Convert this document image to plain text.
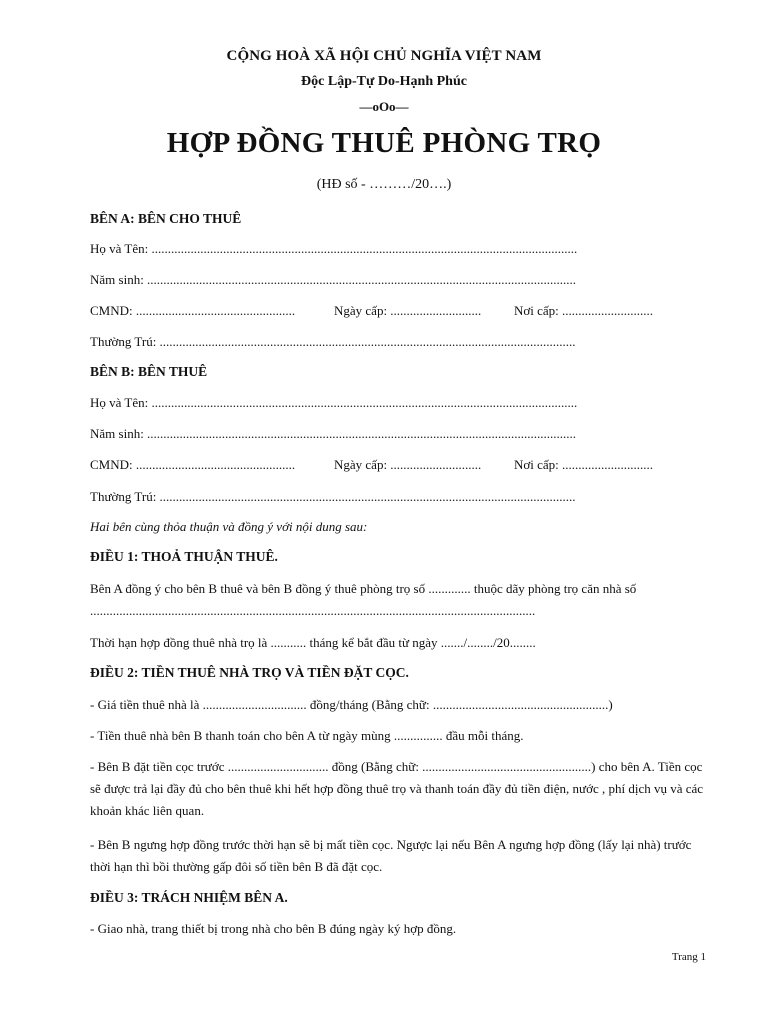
CỘNG HOÀ XÃ HỘI CHỦ NGHĨA VIỆT NAM
Độc Lập-Tự Do-Hạnh Phúc
—oOo—
HỢP ĐỒNG THUÊ PHÒNG TRỌ
(HĐ số - ………/20….)
BÊN A: BÊN CHO THUÊ
Họ và Tên: ...................................................................................................................................
Năm sinh: ....................................................................................................................................
CMND: .................................................	Ngày cấp: ............................	Nơi cấp: ............................
Thường Trú: ................................................................................................................................
BÊN B: BÊN THUÊ
Họ và Tên: ...................................................................................................................................
Năm sinh: ....................................................................................................................................
CMND: .................................................	Ngày cấp: ............................	Nơi cấp: ............................
Thường Trú: ................................................................................................................................
Hai bên cùng thỏa thuận và đồng ý với nội dung sau:
ĐIỀU 1: THOẢ THUẬN THUÊ.
Bên A đồng ý cho bên B thuê và bên B đồng ý thuê phòng trọ số ............. thuộc dãy phòng trọ căn nhà số .........................................................................................................................................
Thời hạn hợp đồng thuê nhà trọ là ........... tháng kể bắt đầu từ ngày ......./......../20........
ĐIỀU 2: TIỀN THUÊ NHÀ TRỌ VÀ TIỀN ĐẶT CỌC.
- Giá tiền thuê nhà là ................................ đồng/tháng (Bằng chữ: ......................................................)
- Tiền thuê nhà bên B thanh toán cho bên A từ ngày mùng ............... đầu mỗi tháng.
- Bên B đặt tiền cọc trước ............................... đồng (Bằng chữ: ....................................................) cho bên A. Tiền cọc sẽ được trả lại đầy đủ cho bên thuê khi hết hợp đồng thuê trọ và thanh toán đầy đủ tiền điện, nước , phí dịch vụ và các khoản khác liên quan.
- Bên B ngưng hợp đồng trước thời hạn sẽ bị mất tiền cọc. Ngược lại nếu Bên A ngưng hợp đồng (lấy lại nhà) trước thời hạn thì bồi thường gấp đôi số tiền bên B đã đặt cọc.
ĐIỀU 3: TRÁCH NHIỆM BÊN A.
- Giao nhà, trang thiết bị trong nhà cho bên B đúng ngày ký hợp đồng.
Trang 1
